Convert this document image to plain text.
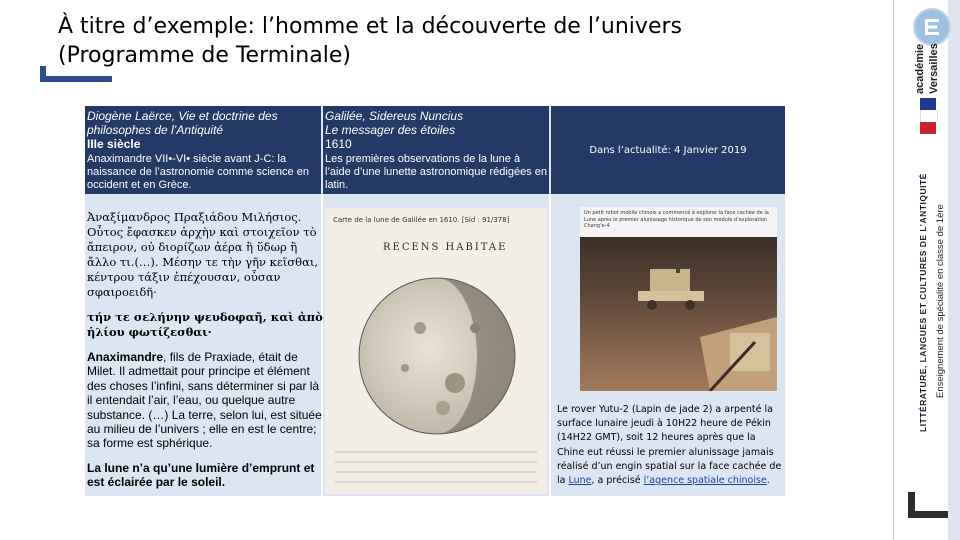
À titre d’exemple: l’homme et la découverte de l’univers
(Programme de Terminale)

Diogène Laërce, Vie et doctrine des philosophes de l’Antiquité

IIIe siècle

Anaximandre VII•-VI• siècle avant J-C: la naissance de l’astronomie comme science en occident et en Grèce.

Galilée, Sidereus Nuncius

Le messager des étoiles

1610

Les premières observations de la lune à l’aide d’une lunette astronomique rédigées en latin.

Dans l’actualité: 4 Janvier 2019

Ἀναξίμανδρος Πραξιάδου Μιλήσιος. Οὗτος ἔφασκεν ἀρχὴν καὶ στοιχεῖον τὸ ἄπειρον, οὐ διορίζων ἀέρα ἢ ὕδωρ ἢ ἄλλο τι.(…). Μέσην τε τὴν γῆν κεῖσθαι, κέντρου τάξιν ἐπέχουσαν, οὖσαν σφαιροειδῆ·

τήν τε σελήνην ψευδοφαῆ, καὶ ἀπὸ ἡλίου φωτίζεσθαι·

Anaximandre, fils de Praxiade, était de Milet. Il admettait pour principe et élément des choses l’infini, sans déterminer si par là il entendait l’air, l’eau, ou quelque autre substance. (…) La terre, selon lui, est située au milieu de l’univers ; elle en est le centre; sa forme est sphérique.

La lune n’a qu’une lumière d’emprunt et est éclairée par le soleil.

Carte de la lune de Galilée en 1610. [Sid : 91/378]
RECENS HABITAE
Un petit robot mobile chinois a commencé à explorer la face cachée de la Lune après le premier alunissage historique de son module d’exploration Chang'e-4
Le rover Yutu-2 (Lapin de jade 2) a arpenté la surface lunaire jeudi à 10H22 heure de Pékin (14H22 GMT), soit 12 heures après que la Chine eut réussi le premier alunissage jamais réalisé d’un engin spatial sur la face cachée de la Lune, a précisé l’agence spatiale chinoise.
académie Versailles
LITTÉRATURE, LANGUES ET CULTURES DE L’ANTIQUITÉ Enseignement de spécialité en classe de 1ère
